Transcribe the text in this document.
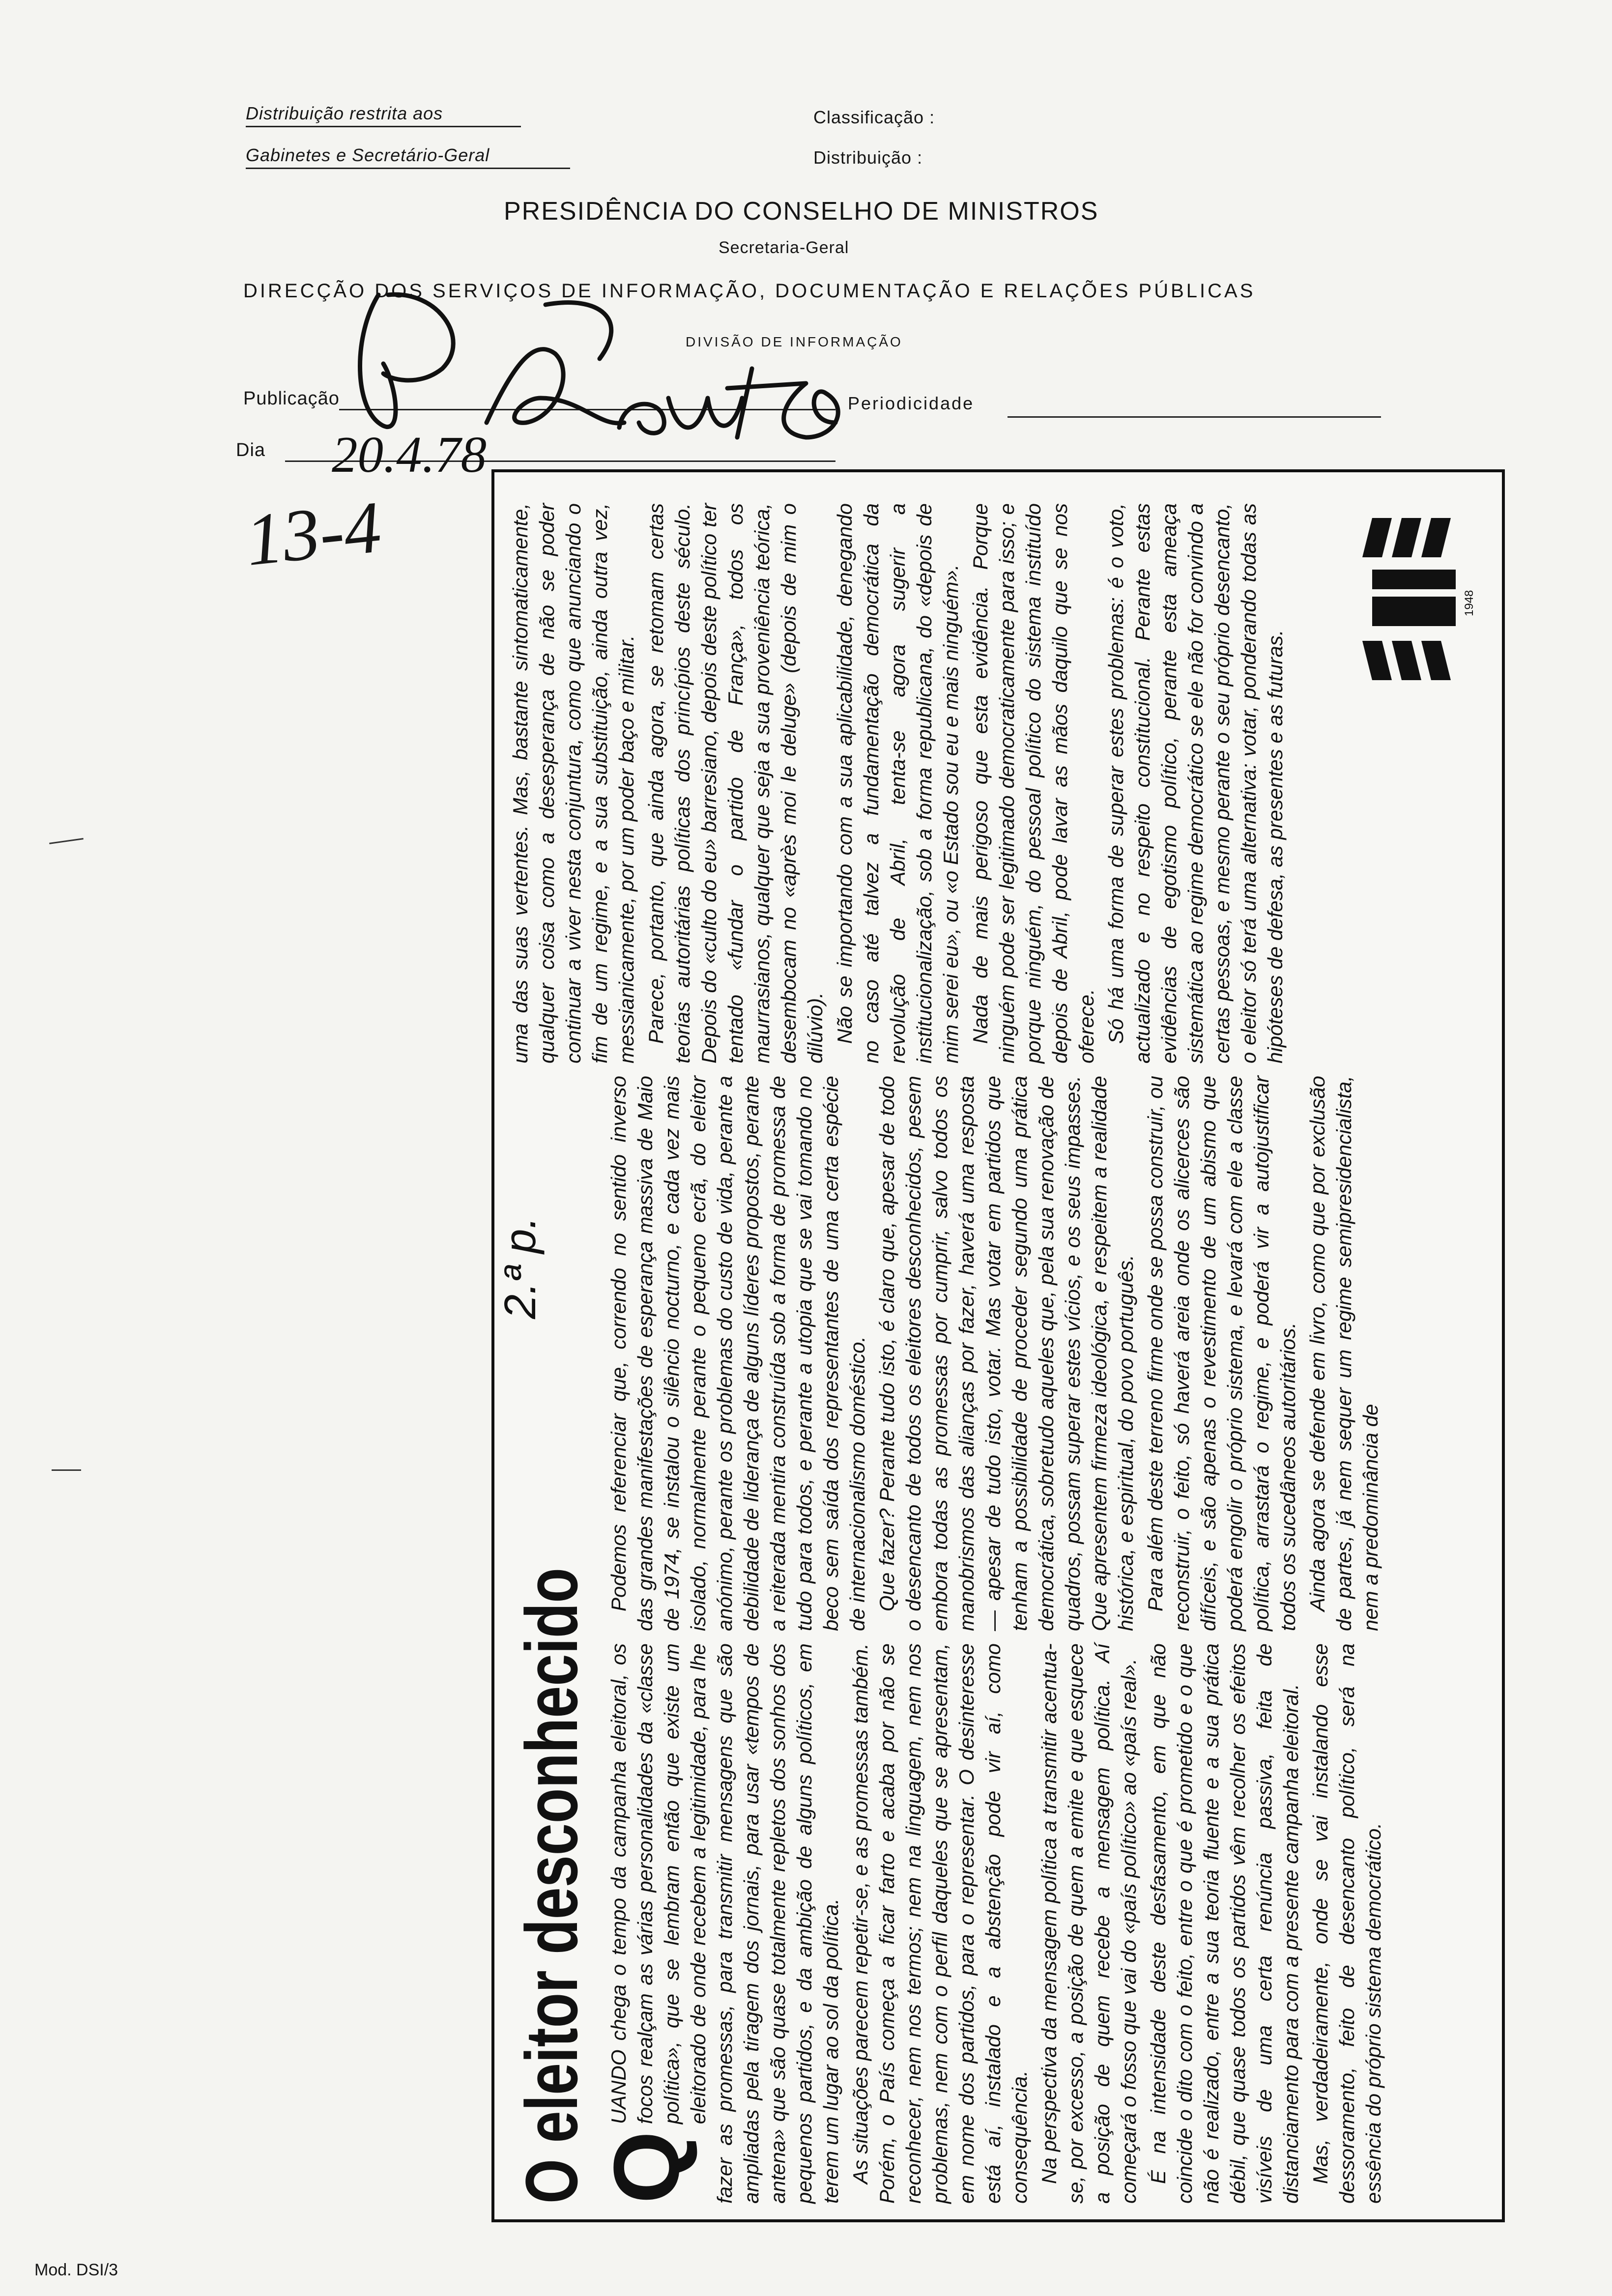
Distribuição restrita aos
Gabinetes e Secretário-Geral
Classificação :
Distribuição :
PRESIDÊNCIA DO CONSELHO DE MINISTROS
Secretaria-Geral
DIRECÇÃO DOS SERVIÇOS DE INFORMAÇÃO, DOCUMENTAÇÃO E RELAÇÕES PÚBLICAS
DIVISÃO DE INFORMAÇÃO
Publicação	Periodicidade
Dia 20.4.78
13-4
O eleitor desconhecido
2.ª p.

Q
UANDO chega o tempo da campanha eleitoral, os focos realçam as várias personalidades da «classe política», que se lembram então que existe um eleitorado de onde recebem a legitimidade, para lhe fazer as promessas, para transmitir mensagens que são ampliadas pela tiragem dos jornais, para usar «tempos de antena» que são quase totalmente repletos dos sonhos dos pequenos partidos, e da ambição de alguns políticos, em terem um lugar ao sol da política. As situações parecem repetir-se, e as promessas também. Porém, o País começa a ficar farto e acaba por não se reconhecer, nem nos termos; nem na linguagem, nem nos problemas, nem com o perfil daqueles que se apresentam, em nome dos partidos, para o representar. O desinteresse está aí, instalado e a abstenção pode vir aí, como consequência. Na perspectiva da mensagem política a transmitir acentua-se, por excesso, a posição de quem a emite e que esquece a posição de quem recebe a mensagem política. Aí começará o fosso que vai do «país político» ao «país real». É na intensidade deste desfasamento, em que não coincide o dito com o feito, entre o que é prometido e o que não é realizado, entre a sua teoria fluente e a sua prática débil, que quase todos os partidos vêm recolher os efeitos visíveis de uma certa renúncia passiva, feita de distanciamento para com a presente campanha eleitoral. Mas, verdadeiramente, onde se vai instalando esse dessoramento, feito de desencanto político, será na essência do próprio sistema democrático.

Podemos referenciar que, correndo no sentido inverso das grandes manifestações de esperança massiva de Maio de 1974, se instalou o silêncio nocturno, e cada vez mais isolado, normalmente perante o pequeno ecrã, do eleitor anónimo, perante os problemas do custo de vida, perante a debilidade de liderança de alguns líderes propostos, perante a reiterada mentira construída sob a forma de promessa de tudo para todos, e perante a utopia que se vai tomando no beco sem saída dos representantes de uma certa espécie de internacionalismo doméstico. Que fazer? Perante tudo isto, é claro que, apesar de todo o desencanto de todos os eleitores desconhecidos, pesem embora todas as promessas por cumprir, salvo todos os manobrismos das alianças por fazer, haverá uma resposta — apesar de tudo isto, votar. Mas votar em partidos que tenham a possibilidade de proceder segundo uma prática democrática, sobretudo aqueles que, pela sua renovação de quadros, possam superar estes vícios, e os seus impasses. Que apresentem firmeza ideológica, e respeitem a realidade histórica, e espiritual, do povo português. Para além deste terreno firme onde se possa construir, ou reconstruir, o feito, só haverá areia onde os alicerces são difíceis, e são apenas o revestimento de um abismo que poderá engolir o próprio sistema, e levará com ele a classe política, arrastará o regime, e poderá vir a autojustificar todos os sucedâneos autoritários. Ainda agora se defende em livro, como que por exclusão de partes, já nem sequer um regime semipresidencialista, nem a predominância de

uma das suas vertentes. Mas, bastante sintomaticamente, qualquer coisa como a desesperança de não se poder continuar a viver nesta conjuntura, como que anunciando o fim de um regime, e a sua substituição, ainda outra vez, messianicamente, por um poder baço e militar. Parece, portanto, que ainda agora, se retomam certas teorias autoritárias políticas dos princípios deste século. Depois do «culto do eu» barresiano, depois deste político ter tentado «fundar o partido de França», todos os maurrasianos, qualquer que seja a sua proveniência teórica, desembocam no «après moi le deluge» (depois de mim o dilúvio). Não se importando com a sua aplicabilidade, denegando no caso até talvez a fundamentação democrática da revolução de Abril, tenta-se agora sugerir a institucionalização, sob a forma republicana, do «depois de mim serei eu», ou «o Estado sou eu e mais ninguém». Nada de mais perigoso que esta evidência. Porque ninguém pode ser legitimado democraticamente para isso; e porque ninguém, do pessoal político do sistema instituído depois de Abril, pode lavar as mãos daquilo que se nos oferece. Só há uma forma de superar estes problemas: é o voto, actualizado e no respeito constitucional. Perante estas evidências de egotismo político, perante esta ameaça sistemática ao regime democrático se ele não for convindo a certas pessoas, e mesmo perante o seu próprio desencanto, o eleitor só terá uma alternativa: votar, ponderando todas as hipóteses de defesa, as presentes e as futuras.

1948
Mod. DSI/3
